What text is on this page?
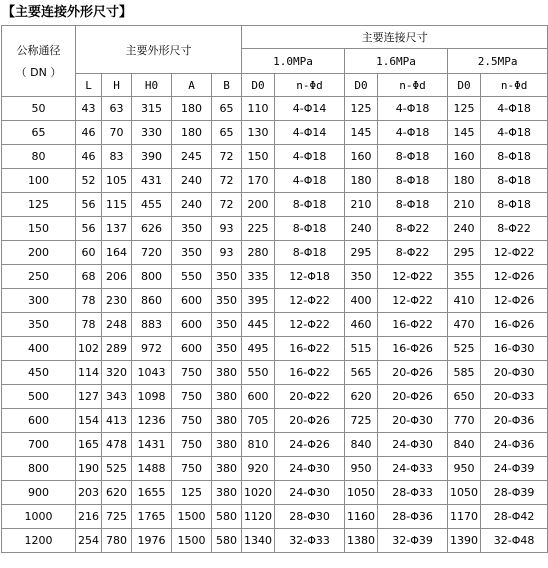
【主要连接外形尺寸】
公称通径
（ DN ）	主要外形尺寸					主要连接尺寸					
						1.0MPa		1.6MPa		2.5MPa	
	L	H	H0	A	B	D0	n-Φd	D0	n-Φd	D0	n-Φd
50	43	63	315	180	65	110	4-Φ14	125	4-Φ18	125	4-Φ18
65	46	70	330	180	65	130	4-Φ14	145	4-Φ18	145	4-Φ18
80	46	83	390	245	72	150	4-Φ18	160	8-Φ18	160	8-Φ18
100	52	105	431	240	72	170	4-Φ18	180	8-Φ18	180	8-Φ18
125	56	115	455	240	72	200	8-Φ18	210	8-Φ18	210	8-Φ18
150	56	137	626	350	93	225	8-Φ18	240	8-Φ22	240	8-Φ22
200	60	164	720	350	93	280	8-Φ18	295	8-Φ22	295	12-Φ22
250	68	206	800	550	350	335	12-Φ18	350	12-Φ22	355	12-Φ26
300	78	230	860	600	350	395	12-Φ22	400	12-Φ22	410	12-Φ26
350	78	248	883	600	350	445	12-Φ22	460	16-Φ22	470	16-Φ26
400	102	289	972	600	350	495	16-Φ22	515	16-Φ26	525	16-Φ30
450	114	320	1043	750	380	550	16-Φ22	565	20-Φ26	585	20-Φ30
500	127	343	1098	750	380	600	20-Φ22	620	20-Φ26	650	20-Φ33
600	154	413	1236	750	380	705	20-Φ26	725	20-Φ30	770	20-Φ36
700	165	478	1431	750	380	810	24-Φ26	840	24-Φ30	840	24-Φ36
800	190	525	1488	750	380	920	24-Φ30	950	24-Φ33	950	24-Φ39
900	203	620	1655	125	380	1020	24-Φ30	1050	28-Φ33	1050	28-Φ39
1000	216	725	1765	1500	580	1120	28-Φ30	1160	28-Φ36	1170	28-Φ42
1200	254	780	1976	1500	580	1340	32-Φ33	1380	32-Φ39	1390	32-Φ48
